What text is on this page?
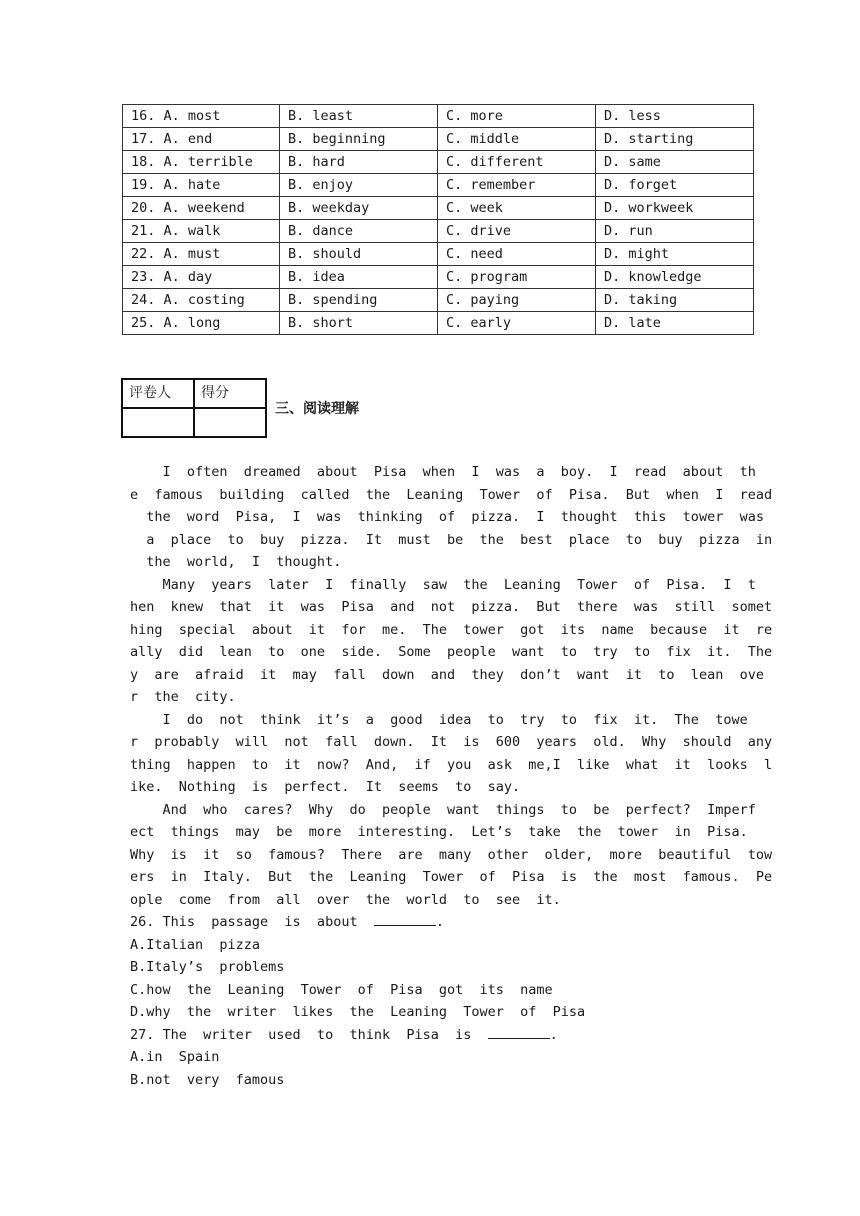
16. A. most	B. least	C. more	D. less
17. A. end	B. beginning	C. middle	D. starting
18. A. terrible	B. hard	C. different	D. same
19. A. hate	B. enjoy	C. remember	D. forget
20. A. weekend	B. weekday	C. week	D. workweek
21. A. walk	B. dance	C. drive	D. run
22. A. must	B. should	C. need	D. might
23. A. day	B. idea	C. program	D. knowledge
24. A. costing	B. spending	C. paying	D. taking
25. A. long	B. short	C. early	D. late
评卷人	得分

三、阅读理解
I  often  dreamed  about  Pisa  when  I  was  a  boy.  I  read  about  th
e  famous  building  called  the  Leaning  Tower  of  Pisa.  But  when  I  read
the  word  Pisa,  I  was  thinking  of  pizza.  I  thought  this  tower  was
a  place  to  buy  pizza.  It  must  be  the  best  place  to  buy  pizza  in
the  world,  I  thought.
Many  years  later  I  finally  saw  the  Leaning  Tower  of  Pisa.  I  t
hen  knew  that  it  was  Pisa  and  not  pizza.  But  there  was  still  somet
hing  special  about  it  for  me.  The  tower  got  its  name  because  it  re
ally  did  lean  to  one  side.  Some  people  want  to  try  to  fix  it.  The
y  are  afraid  it  may  fall  down  and  they  don’t  want  it  to  lean  ove
r  the  city.
I  do  not  think  it’s  a  good  idea  to  try  to  fix  it.  The  towe
r  probably  will  not  fall  down.  It  is  600  years  old.  Why  should  any
thing  happen  to  it  now?  And,  if  you  ask  me,I  like  what  it  looks  l
ike.  Nothing  is  perfect.  It  seems  to  say.
And  who  cares?  Why  do  people  want  things  to  be  perfect?  Imperf
ect  things  may  be  more  interesting.  Let’s  take  the  tower  in  Pisa.
Why  is  it  so  famous?  There  are  many  other  older,  more  beautiful  tow
ers  in  Italy.  But  the  Leaning  Tower  of  Pisa  is  the  most  famous.  Pe
ople  come  from  all  over  the  world  to  see  it.
26. This  passage  is  about	.
A.Italian  pizza
B.Italy’s  problems
C.how  the  Leaning  Tower  of  Pisa  got  its  name
D.why  the  writer  likes  the  Leaning  Tower  of  Pisa
27. The  writer  used  to  think  Pisa  is	.
A.in  Spain
B.not  very  famous
